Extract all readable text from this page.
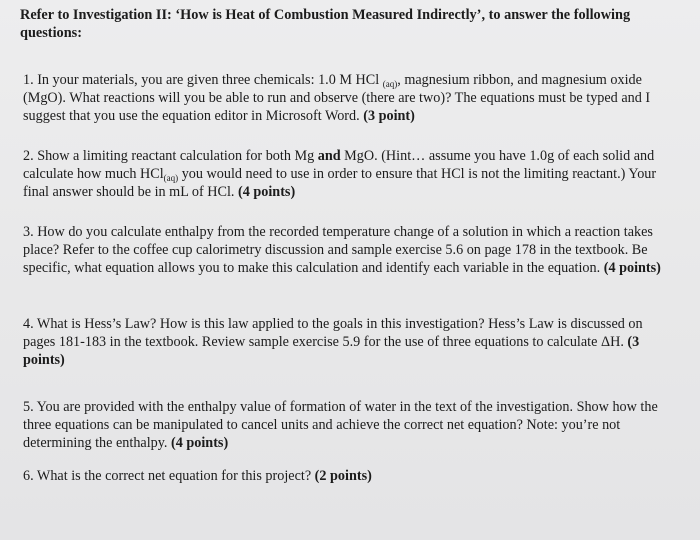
Refer to Investigation II: ‘How is Heat of Combustion Measured Indirectly’, to answer the following questions:
1. In your materials, you are given three chemicals: 1.0 M HCl $_{(aq)}$, magnesium ribbon, and magnesium oxide (MgO). What reactions will you be able to run and observe (there are two)? The equations must be typed and I suggest that you use the equation editor in Microsoft Word. (3 point)
2. Show a limiting reactant calculation for both Mg and MgO. (Hint… assume you have 1.0g of each solid and calculate how much HCl$_{(aq)}$ you would need to use in order to ensure that HCl is not the limiting reactant.) Your final answer should be in mL of HCl. (4 points)
3. How do you calculate enthalpy from the recorded temperature change of a solution in which a reaction takes place? Refer to the coffee cup calorimetry discussion and sample exercise 5.6 on page 178 in the textbook. Be specific, what equation allows you to make this calculation and identify each variable in the equation. (4 points)
4. What is Hess’s Law? How is this law applied to the goals in this investigation? Hess’s Law is discussed on pages 181-183 in the textbook. Review sample exercise 5.9 for the use of three equations to calculate ΔH. (3 points)
5. You are provided with the enthalpy value of formation of water in the text of the investigation. Show how the three equations can be manipulated to cancel units and achieve the correct net equation? Note: you’re not determining the enthalpy. (4 points)
6. What is the correct net equation for this project? (2 points)
